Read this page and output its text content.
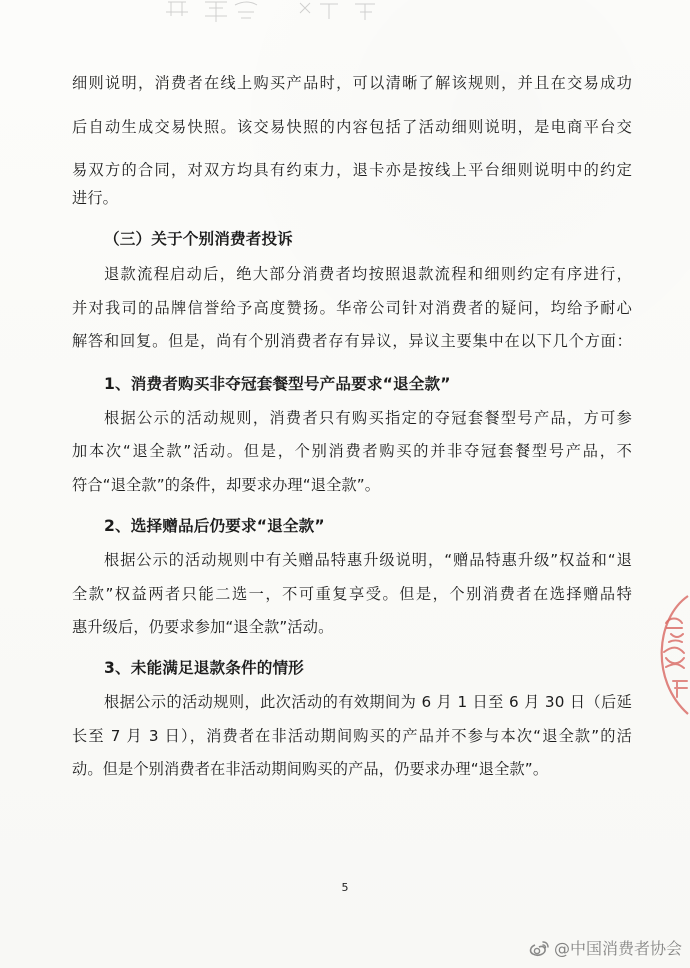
细则说明，消费者在线上购买产品时，可以清晰了解该规则，并且在交易成功
后自动生成交易快照。该交易快照的内容包括了活动细则说明，是电商平台交
易双方的合同，对双方均具有约束力，退卡亦是按线上平台细则说明中的约定
进行。
（三）关于个别消费者投诉
退款流程启动后，绝大部分消费者均按照退款流程和细则约定有序进行，
并对我司的品牌信誉给予高度赞扬。华帝公司针对消费者的疑问，均给予耐心
解答和回复。但是，尚有个别消费者存有异议，异议主要集中在以下几个方面：
1、消费者购买非夺冠套餐型号产品要求“退全款”
根据公示的活动规则，消费者只有购买指定的夺冠套餐型号产品，方可参
加本次“退全款”活动。但是，个别消费者购买的并非夺冠套餐型号产品，不
符合“退全款”的条件，却要求办理“退全款”。
2、选择赠品后仍要求“退全款”
根据公示的活动规则中有关赠品特惠升级说明，“赠品特惠升级”权益和“退
全款”权益两者只能二选一，不可重复享受。但是，个别消费者在选择赠品特
惠升级后，仍要求参加“退全款”活动。
3、未能满足退款条件的情形
根据公示的活动规则，此次活动的有效期间为 6 月 1 日至 6 月 30 日（后延
长至 7 月 3 日），消费者在非活动期间购买的产品并不参与本次“退全款”的活
动。但是个别消费者在非活动期间购买的产品，仍要求办理“退全款”。
5
@中国消费者协会
